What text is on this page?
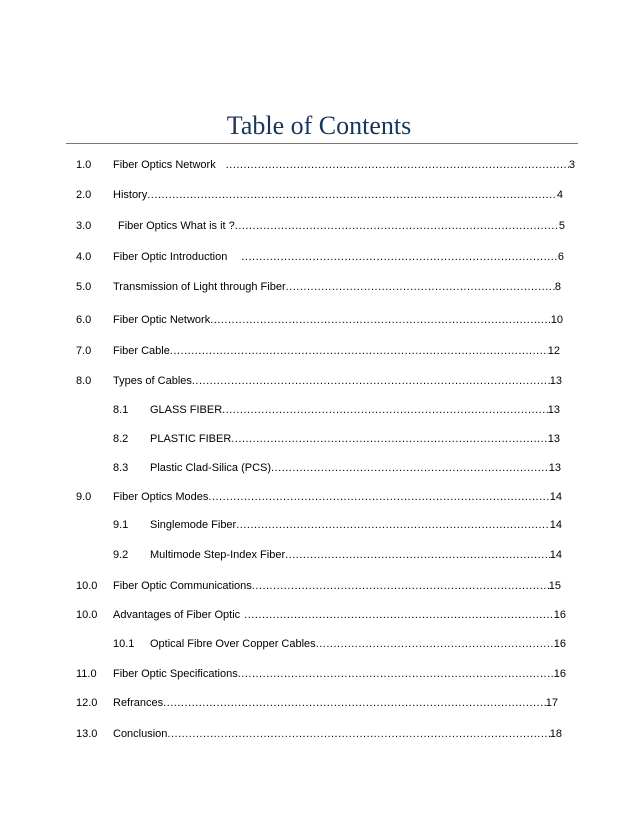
Table of Contents
1.0 Fiber Optics Network .....	3
2.0 History .....	4
3.0 Fiber Optics What is it ? .....	5
4.0 Fiber Optic Introduction .....	6
5.0 Transmission of Light through Fiber .....	8
6.0 Fiber Optic Network .....	10
7.0 Fiber Cable .....	12
8.0 Types of Cables .....	13
8.1	GLASS FIBER .....	13
8.2	PLASTIC FIBER .....	13
8.3	Plastic Clad-Silica (PCS) .....	13
9.0 Fiber Optics Modes .....	14
9.1	Singlemode Fiber .....	14
9.2	Multimode Step-Index Fiber .....	14
10.0 Fiber Optic Communications .....	15
10.0 Advantages of Fiber Optic .....	16
10.1	Optical Fibre Over Copper Cables .....	16
11.0 Fiber Optic Specifications .....	16
12.0 Refrances .....	17
13.0 Conclusion .....	18
